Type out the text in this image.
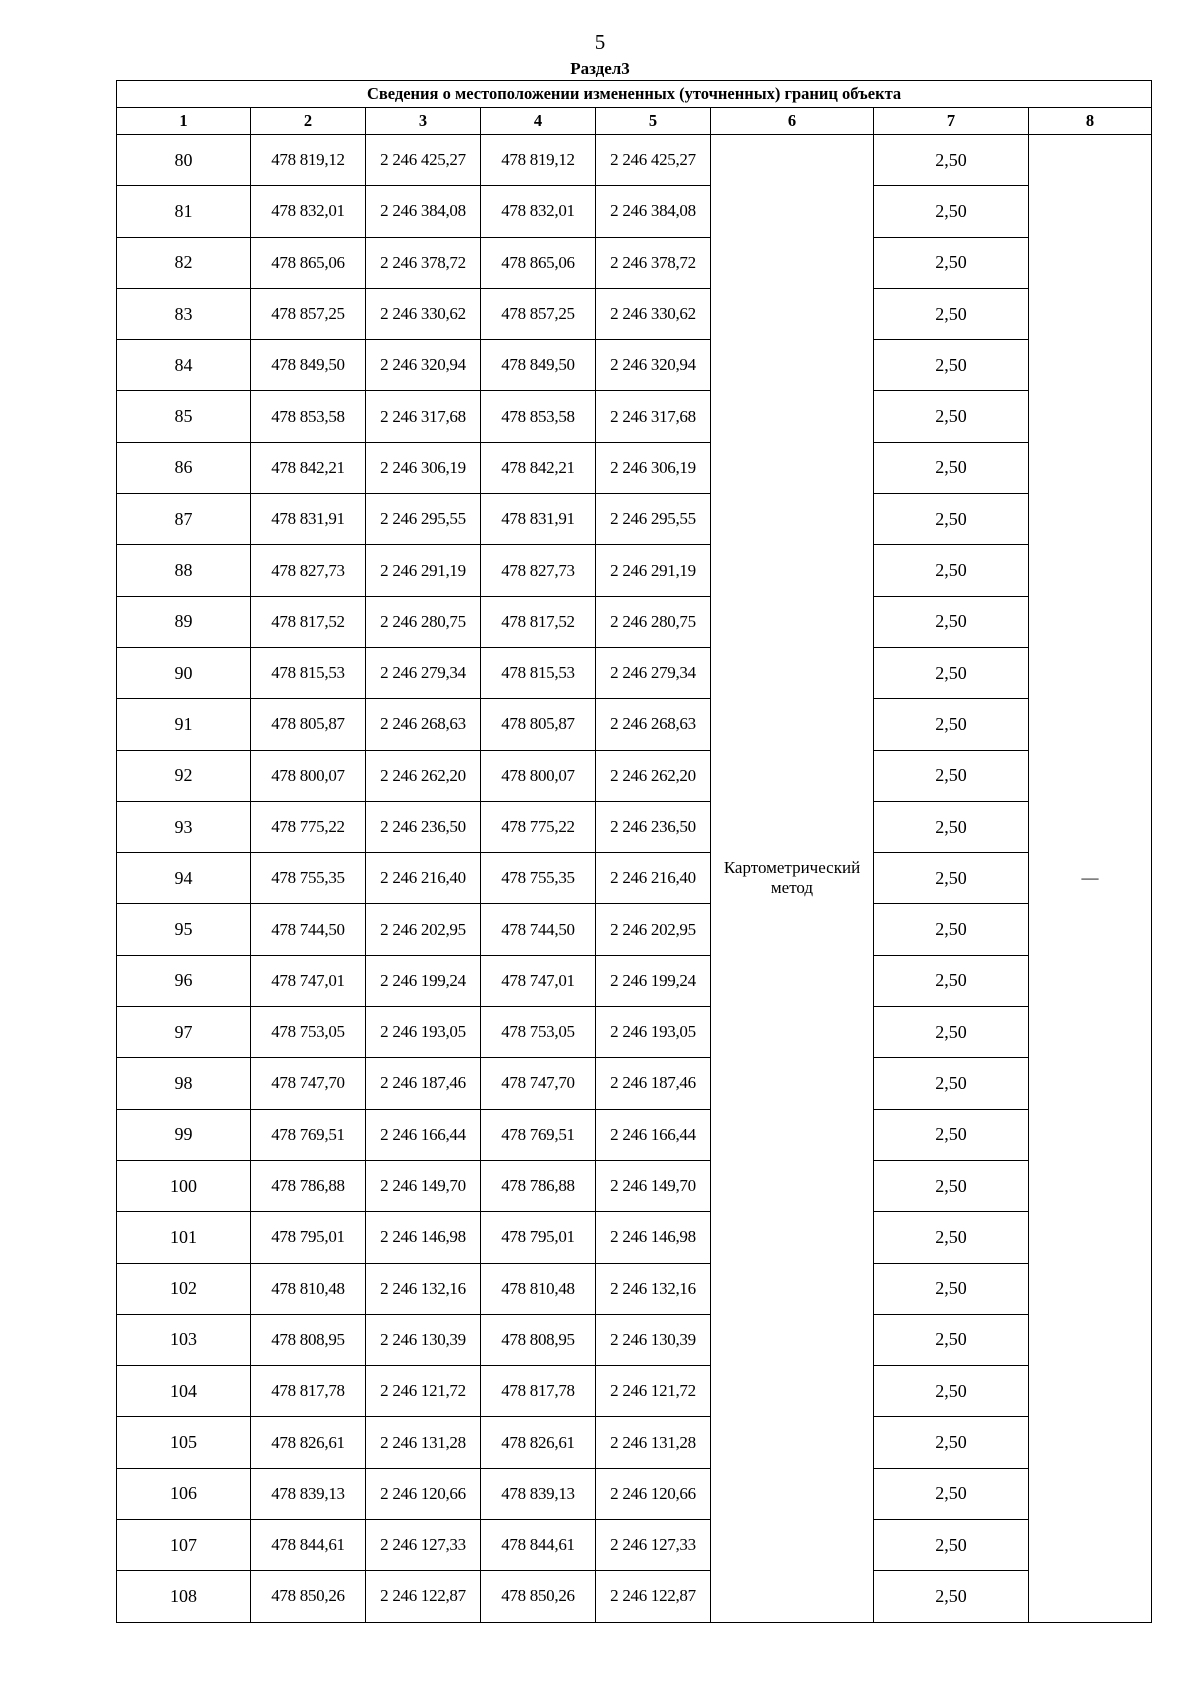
5
Раздел3
Сведения о местоположении измененных (уточненных) границ объекта							
1	2	3	4	5	6	7	8
80	478 819,12	2 246 425,27	478 819,12	2 246 425,27	Картометрический метод	2,50	—
81	478 832,01	2 246 384,08	478 832,01	2 246 384,08		2,50	
82	478 865,06	2 246 378,72	478 865,06	2 246 378,72		2,50	
83	478 857,25	2 246 330,62	478 857,25	2 246 330,62		2,50	
84	478 849,50	2 246 320,94	478 849,50	2 246 320,94		2,50	
85	478 853,58	2 246 317,68	478 853,58	2 246 317,68		2,50	
86	478 842,21	2 246 306,19	478 842,21	2 246 306,19		2,50	
87	478 831,91	2 246 295,55	478 831,91	2 246 295,55		2,50	
88	478 827,73	2 246 291,19	478 827,73	2 246 291,19		2,50	
89	478 817,52	2 246 280,75	478 817,52	2 246 280,75		2,50	
90	478 815,53	2 246 279,34	478 815,53	2 246 279,34		2,50	
91	478 805,87	2 246 268,63	478 805,87	2 246 268,63		2,50	
92	478 800,07	2 246 262,20	478 800,07	2 246 262,20		2,50	
93	478 775,22	2 246 236,50	478 775,22	2 246 236,50		2,50	
94	478 755,35	2 246 216,40	478 755,35	2 246 216,40		2,50	
95	478 744,50	2 246 202,95	478 744,50	2 246 202,95		2,50	
96	478 747,01	2 246 199,24	478 747,01	2 246 199,24		2,50	
97	478 753,05	2 246 193,05	478 753,05	2 246 193,05		2,50	
98	478 747,70	2 246 187,46	478 747,70	2 246 187,46		2,50	
99	478 769,51	2 246 166,44	478 769,51	2 246 166,44		2,50	
100	478 786,88	2 246 149,70	478 786,88	2 246 149,70		2,50	
101	478 795,01	2 246 146,98	478 795,01	2 246 146,98		2,50	
102	478 810,48	2 246 132,16	478 810,48	2 246 132,16		2,50	
103	478 808,95	2 246 130,39	478 808,95	2 246 130,39		2,50	
104	478 817,78	2 246 121,72	478 817,78	2 246 121,72		2,50	
105	478 826,61	2 246 131,28	478 826,61	2 246 131,28		2,50	
106	478 839,13	2 246 120,66	478 839,13	2 246 120,66		2,50	
107	478 844,61	2 246 127,33	478 844,61	2 246 127,33		2,50	
108	478 850,26	2 246 122,87	478 850,26	2 246 122,87		2,50	
